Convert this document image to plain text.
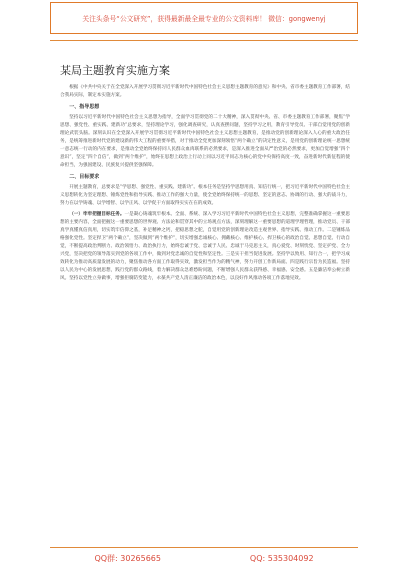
关注头条号“公文研究”，获得最新最全最专业的公文资料库！ 微信：gongwenyj
某局主题教育实施方案

根据《中共中央关于在全党深入开展学习贯彻习近平新时代中国特色社会主义思想主题教育的意见》和中央、省市委主题教育工作部署，结合我局实际，制定本实施方案。

一、指导思想

坚持以习近平新时代中国特色社会主义思想为指导，全面学习贯彻党的二十大精神，深入贯彻中央、省、市委主题教育工作部署，聚焦“学思想、强党性、重实践、建新功”总要求，坚持理论学习，强化调查研究，认真查摆问题，坚持学习之用，教育引导党员、干部自觉用党的创新理论武装头脑。深刻认识在全党深入开展学习贯彻习近平新时代中国特色社会主义思想主题教育，是推动党的创新理论深入人心的重大政治任务，是统筹推进新时代党的建设新的伟大工程的重要举措，对于推动全党更加深刻领悟“两个确立”的决定性意义，是用党的创新理论统一思想统一意志统一行动的内在要求，是推动全党始终保持同人民群众血肉联系的必然要求，是深入推进全面从严治党的必然要求，更加自觉增强“四个意识”，坚定“四个自信”，做到“两个维护”，始终在思想上政治上行动上同以习近平同志为核心的党中央保持高度一致，奋进新时代新征程的使命担当，为强国建设、民族复兴提供坚强保障。

二、目标要求

开展主题教育，总要求是“学思想、强党性、重实践、建新功”。根本任务是坚持学思想用真、知信行统一，把习近平新时代中国特色社会主义思想转化为坚定理想、锤炼党性和指导实践、推动工作的强大力量，使全党始终保持统一的思想、坚定的意志、协调的行动、强大的战斗力，努力在以学铸魂、以学增智、以学正风、以学促干方面取得实实在在的成效。

（一）牢牢把握目标任务。一是凝心铸魂筑牢根本。全面、系统、深入学习习近平新时代中国特色社会主义思想，完整准确掌握这一重要思想的主要内容，全面把握这一重要思想的世界观、方法论和贯穿其中的立场观点方法，深刻理解这一重要思想的道理学理哲理，推动党员、干部真学真懂真信真用，切实筑牢信仰之基，补足精神之钙，把稳思想之舵，自觉用党的创新理论改造主观世界、指导实践、推动工作。二是锤炼品格强化党性。坚定捍卫“两个确立”，坚决做到“两个维护”，切实增强忠诚核心、拥戴核心、维护核心、捍卫核心的政治自觉、思想自觉、行动自觉，不断提高政治判断力、政治领悟力、政治执行力，始终忠诚于党、忠诚于人民、忠诚于马克思主义，真心爱党、时刻忧党、坚定护党、全力兴党，坚决把党的领导落实到党的各项工作中，做到对党忠诚的自觉性和坚定性。三是实干担当促进发展。坚持学以致用、知行合一，把学习成效转化为推动高质量发展的动力，聚焦推动各方面工作取得实效，激发担当作为的精气神，努力开创工作新局面。四是践行宗旨为民造福。坚持以人民为中心的发展思想，践行党的群众路线，着力解决群众急难愁盼问题，不断增强人民群众获得感、幸福感、安全感。五是廉洁奉公树立新风。坚持以党性立身做事，增强拒腐防变能力，永葆共产党人清正廉洁的政治本色，以良好作风推动各项工作落地见效。

QQ群: 30265665	QQ: 535304092
